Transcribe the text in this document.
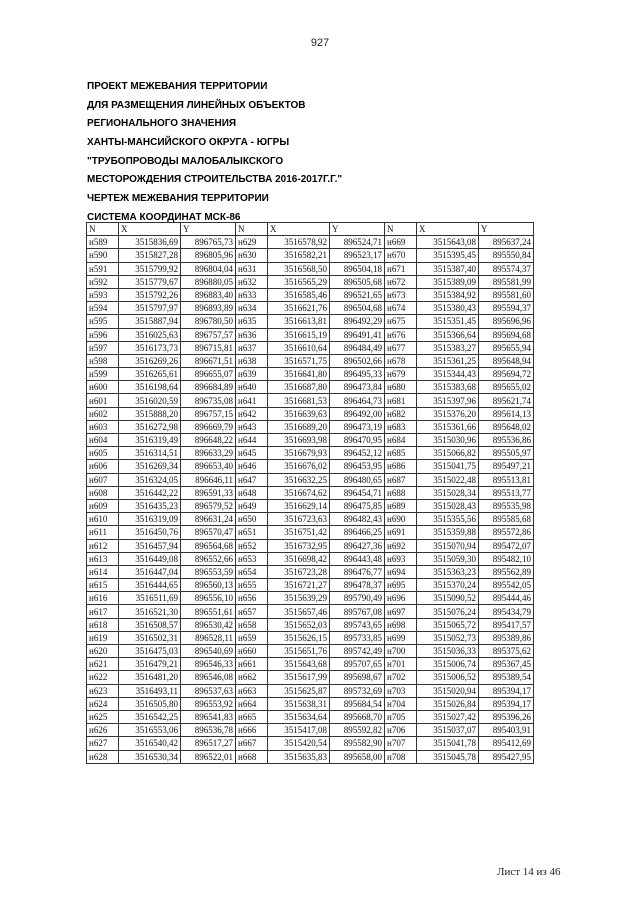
927
ПРОЕКТ МЕЖЕВАНИЯ ТЕРРИТОРИИ
ДЛЯ РАЗМЕЩЕНИЯ ЛИНЕЙНЫХ ОБЪЕКТОВ
РЕГИОНАЛЬНОГО ЗНАЧЕНИЯ
ХАНТЫ-МАНСИЙСКОГО ОКРУГА - ЮГРЫ
"ТРУБОПРОВОДЫ МАЛОБАЛЫКСКОГО
МЕСТОРОЖДЕНИЯ СТРОИТЕЛЬСТВА 2016-2017Г.Г."
ЧЕРТЕЖ МЕЖЕВАНИЯ ТЕРРИТОРИИ
СИСТЕМА КООРДИНАТ МСК-86
N	X	Y	N	X	Y	N	X	Y
н589	3515836,69	896765,73	н629	3516578,92	896524,71	н669	3515643,08	895637,24
н590	3515827,28	896805,96	н630	3516582,21	896523,17	н670	3515395,45	895550,84
н591	3515799,92	896804,04	н631	3516568,50	896504,18	н671	3515387,40	895574,37
н592	3515779,67	896880,05	н632	3516565,29	896505,68	н672	3515389,09	895581,99
н593	3515792,26	896883,40	н633	3516585,46	896521,65	н673	3515384,92	895581,60
н594	3515797,97	896893,89	н634	3516621,76	896504,68	н674	3515380,43	895594,37
н595	3515887,94	896780,50	н635	3516613,81	896492,29	н675	3515351,45	895696,96
н596	3516025,63	896757,57	н636	3516615,19	896491,41	н676	3515366,64	895694,68
н597	3516173,73	896715,81	н637	3516610,64	896484,49	н677	3515383,27	895655,94
н598	3516269,26	896671,51	н638	3516571,75	896502,66	н678	3515361,25	895648,94
н599	3516265,61	896655,07	н639	3516641,80	896495,33	н679	3515344,43	895694,72
н600	3516198,64	896684,89	н640	3516687,80	896473,84	н680	3515383,68	895655,02
н601	3516020,59	896735,08	н641	3516681,53	896464,73	н681	3515397,96	895621,74
н602	3515888,20	896757,15	н642	3516639,63	896492,00	н682	3515376,20	895614,13
н603	3516272,98	896669,79	н643	3516689,20	896473,19	н683	3515361,66	895648,02
н604	3516319,49	896648,22	н644	3516693,98	896470,95	н684	3515030,96	895536,86
н605	3516314,51	896633,29	н645	3516679,93	896452,12	н685	3515066,82	895505,97
н606	3516269,34	896653,40	н646	3516676,02	896453,95	н686	3515041,75	895497,21
н607	3516324,05	896646,11	н647	3516632,25	896480,65	н687	3515022,48	895513,81
н608	3516442,22	896591,33	н648	3516674,62	896454,71	н688	3515028,34	895513,77
н609	3516435,23	896579,52	н649	3516629,14	896475,85	н689	3515028,43	895535,98
н610	3516319,09	896631,24	н650	3516723,63	896482,43	н690	3515355,56	895585,68
н611	3516450,76	896570,47	н651	3516751,42	896466,25	н691	3515359,88	895572,86
н612	3516457,94	896564,68	н652	3516732,95	896427,36	н692	3515070,94	895472,07
н613	3516449,08	896552,66	н653	3516698,42	896443,48	н693	3515059,30	895482,10
н614	3516447,04	896553,59	н654	3516723,28	896476,77	н694	3515363,23	895562,89
н615	3516444,65	896560,13	н655	3516721,27	896478,37	н695	3515370,24	895542,05
н616	3516511,69	896556,10	н656	3515639,29	895790,49	н696	3515090,52	895444,46
н617	3516521,30	896551,61	н657	3515657,46	895767,08	н697	3515076,24	895434,79
н618	3516508,57	896530,42	н658	3515652,03	895743,65	н698	3515065,72	895417,57
н619	3516502,31	896528,11	н659	3515626,15	895733,85	н699	3515052,73	895389,86
н620	3516475,03	896540,69	н660	3515651,76	895742,49	н700	3515036,33	895375,62
н621	3516479,21	896546,33	н661	3515643,68	895707,65	н701	3515006,74	895367,45
н622	3516481,20	896546,08	н662	3515617,99	895698,67	н702	3515006,52	895389,54
н623	3516493,11	896537,63	н663	3515625,87	895732,69	н703	3515020,94	895394,17
н624	3516505,80	896553,92	н664	3515638,31	895684,54	н704	3515026,84	895394,17
н625	3516542,25	896541,83	н665	3515634,64	895668,70	н705	3515027,42	895396,26
н626	3516553,06	896536,78	н666	3515417,08	895592,82	н706	3515037,07	895403,91
н627	3516540,42	896517,27	н667	3515420,54	895582,90	н707	3515041,78	895412,69
н628	3516530,34	896522,01	н668	3515635,83	895658,00	н708	3515045,78	895427,95
Лист 14 из 46
